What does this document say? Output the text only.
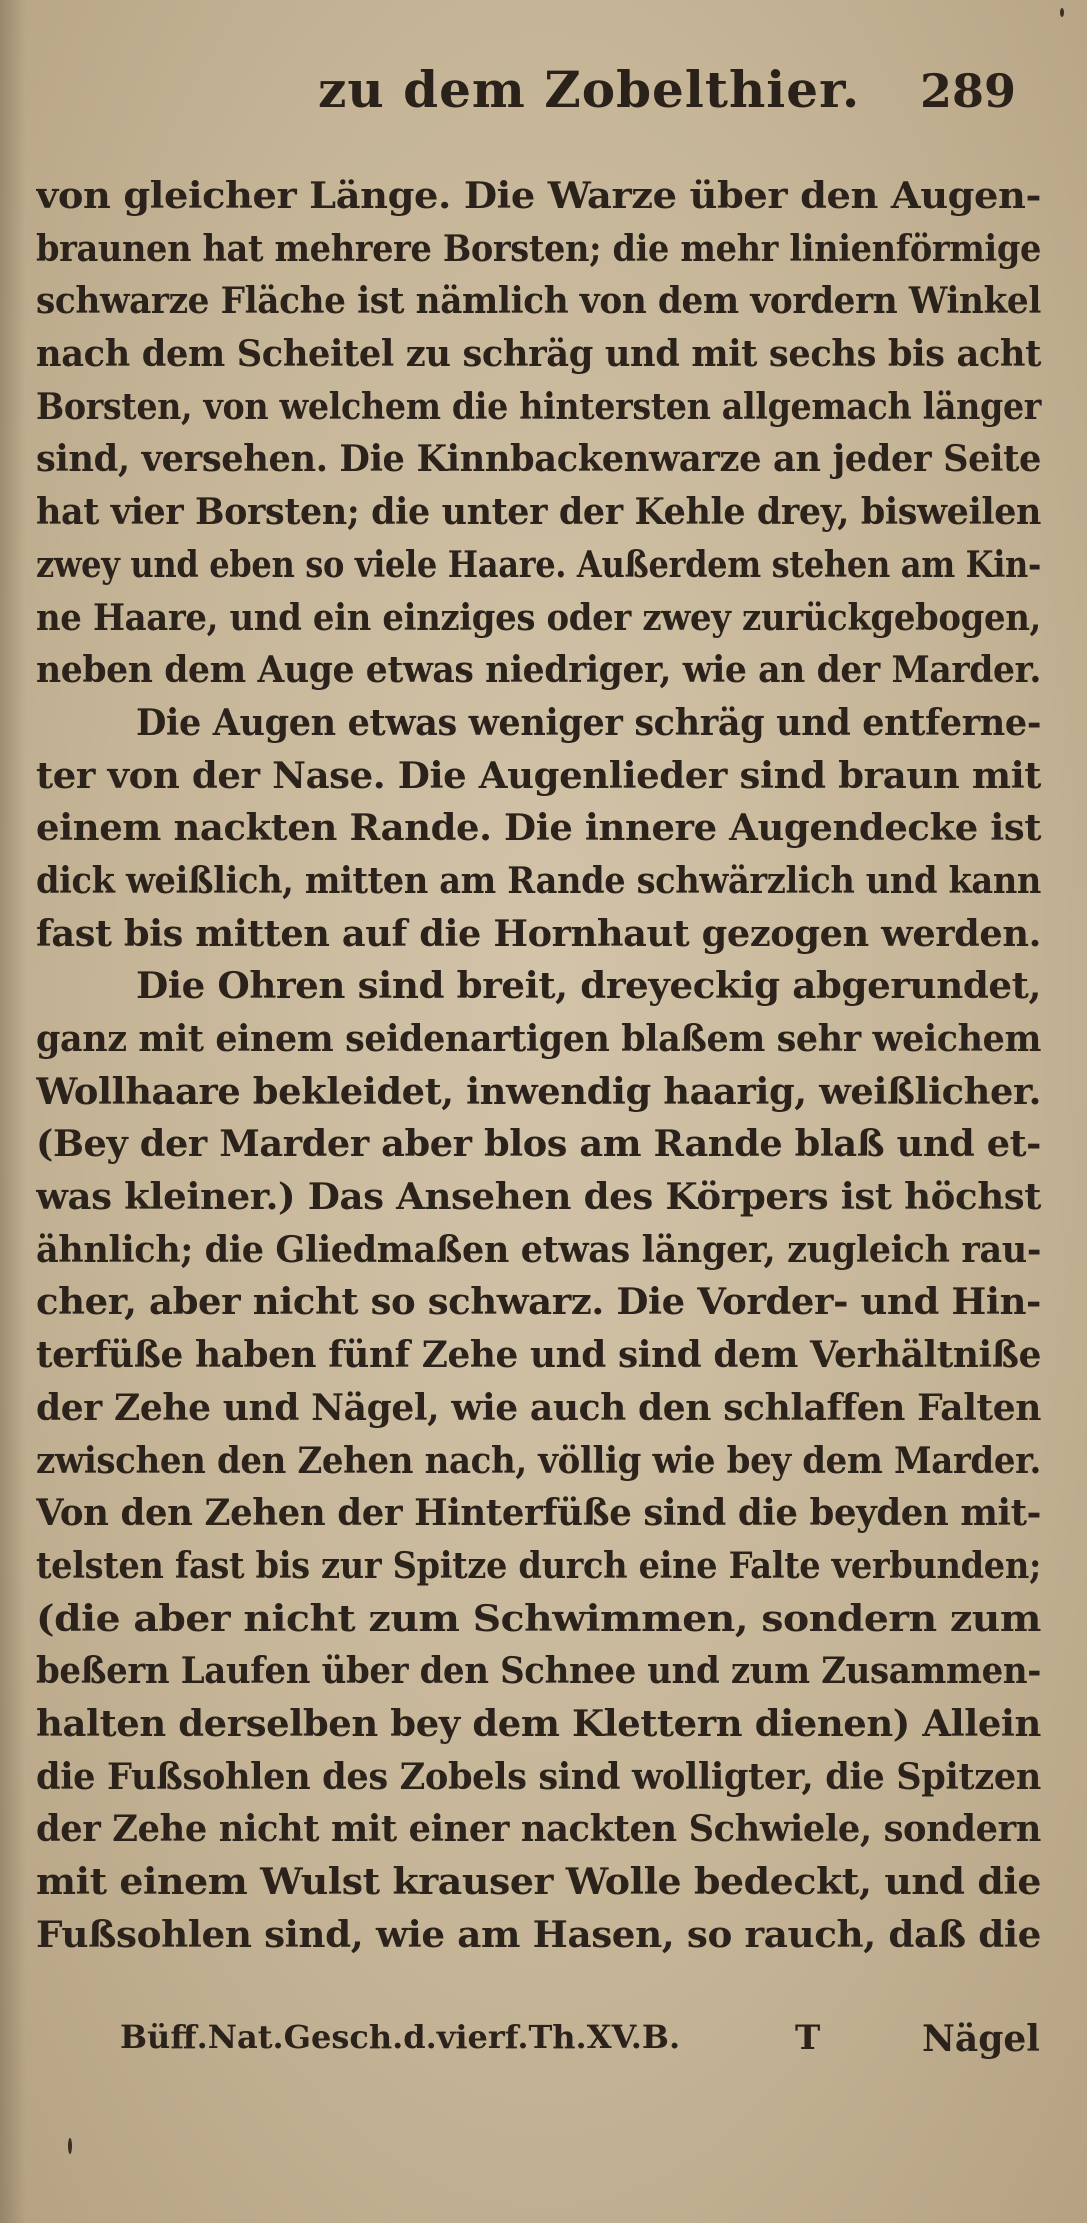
zu dem Zobelthier. 289
von gleicher Länge. Die Warze über den Augen-
braunen hat mehrere Borsten; die mehr linienförmige
schwarze Fläche ist nämlich von dem vordern Winkel
nach dem Scheitel zu schräg und mit sechs bis acht
Borsten, von welchem die hintersten allgemach länger
sind, versehen. Die Kinnbackenwarze an jeder Seite
hat vier Borsten; die unter der Kehle drey, bisweilen
zwey und eben so viele Haare. Außerdem stehen am Kin-
ne Haare, und ein einziges oder zwey zurückgebogen,
neben dem Auge etwas niedriger, wie an der Marder.
Die Augen etwas weniger schräg und entferne-
ter von der Nase. Die Augenlieder sind braun mit
einem nackten Rande. Die innere Augendecke ist
dick weißlich, mitten am Rande schwärzlich und kann
fast bis mitten auf die Hornhaut gezogen werden.
Die Ohren sind breit, dreyeckig abgerundet,
ganz mit einem seidenartigen blaßem sehr weichem
Wollhaare bekleidet, inwendig haarig, weißlicher.
(Bey der Marder aber blos am Rande blaß und et-
was kleiner.) Das Ansehen des Körpers ist höchst
ähnlich; die Gliedmaßen etwas länger, zugleich rau-
cher, aber nicht so schwarz. Die Vorder- und Hin-
terfüße haben fünf Zehe und sind dem Verhältniße
der Zehe und Nägel, wie auch den schlaffen Falten
zwischen den Zehen nach, völlig wie bey dem Marder.
Von den Zehen der Hinterfüße sind die beyden mit-
telsten fast bis zur Spitze durch eine Falte verbunden;
(die aber nicht zum Schwimmen, sondern zum
beßern Laufen über den Schnee und zum Zusammen-
halten derselben bey dem Klettern dienen) Allein
die Fußsohlen des Zobels sind wolligter, die Spitzen
der Zehe nicht mit einer nackten Schwiele, sondern
mit einem Wulst krauser Wolle bedeckt, und die
Fußsohlen sind, wie am Hasen, so rauch, daß die
Büff.Nat.Gesch.d.vierf.Th.XV.B.	T	Nägel
